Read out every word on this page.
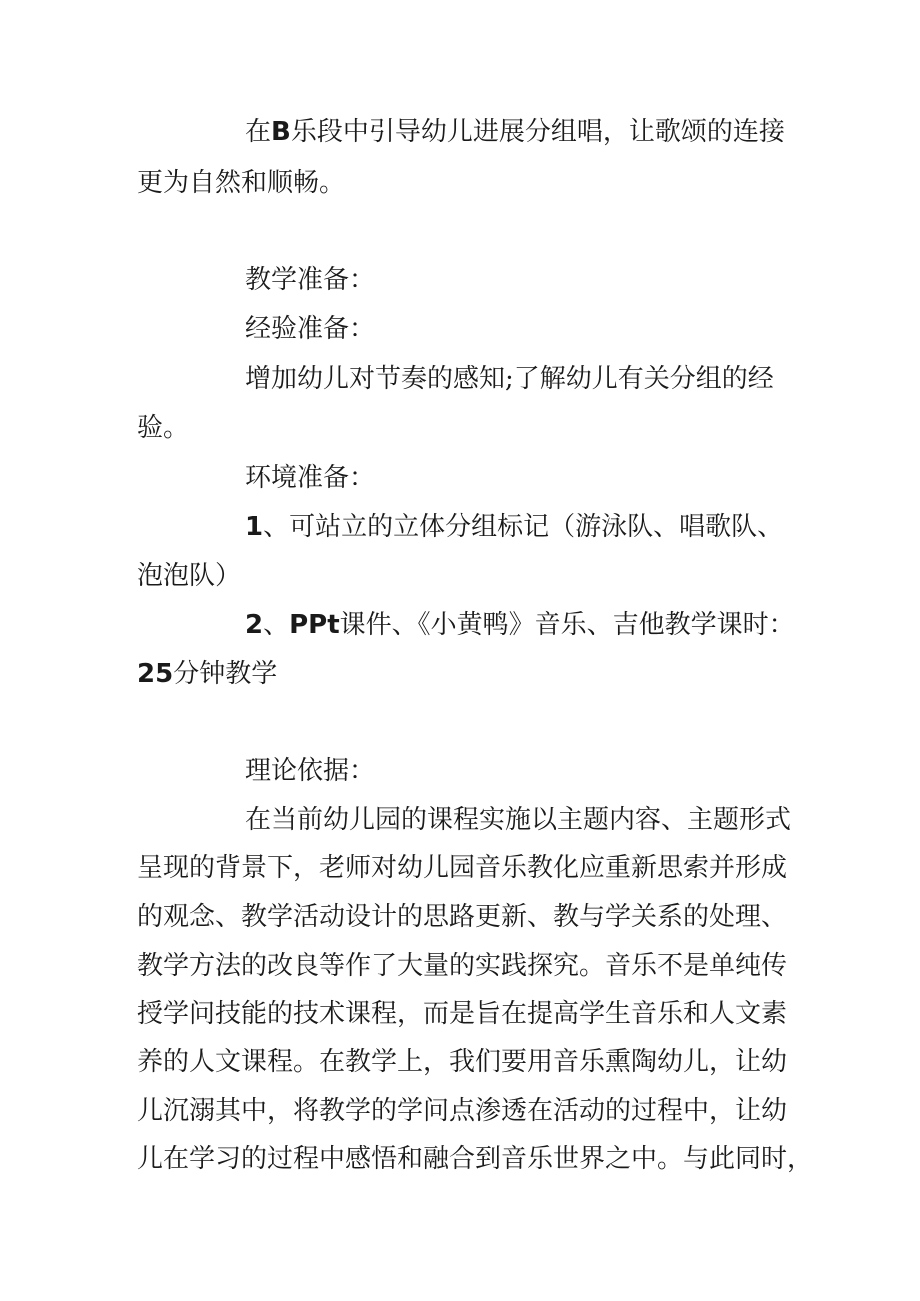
在B乐段中引导幼儿进展分组唱，让歌颂的连接
更为自然和顺畅。
教学准备：
经验准备：
增加幼儿对节奏的感知;了解幼儿有关分组的经
验。
环境准备：
1、可站立的立体分组标记（游泳队、唱歌队、
泡泡队）
2、PPt课件、《小黄鸭》音乐、吉他教学课时：
25分钟教学
理论依据：
在当前幼儿园的课程实施以主题内容、主题形式
呈现的背景下，老师对幼儿园音乐教化应重新思索并形成
的观念、教学活动设计的思路更新、教与学关系的处理、
教学方法的改良等作了大量的实践探究。音乐不是单纯传
授学问技能的技术课程，而是旨在提高学生音乐和人文素
养的人文课程。在教学上，我们要用音乐熏陶幼儿，让幼
儿沉溺其中，将教学的学问点渗透在活动的过程中，让幼
儿在学习的过程中感悟和融合到音乐世界之中。与此同时，
